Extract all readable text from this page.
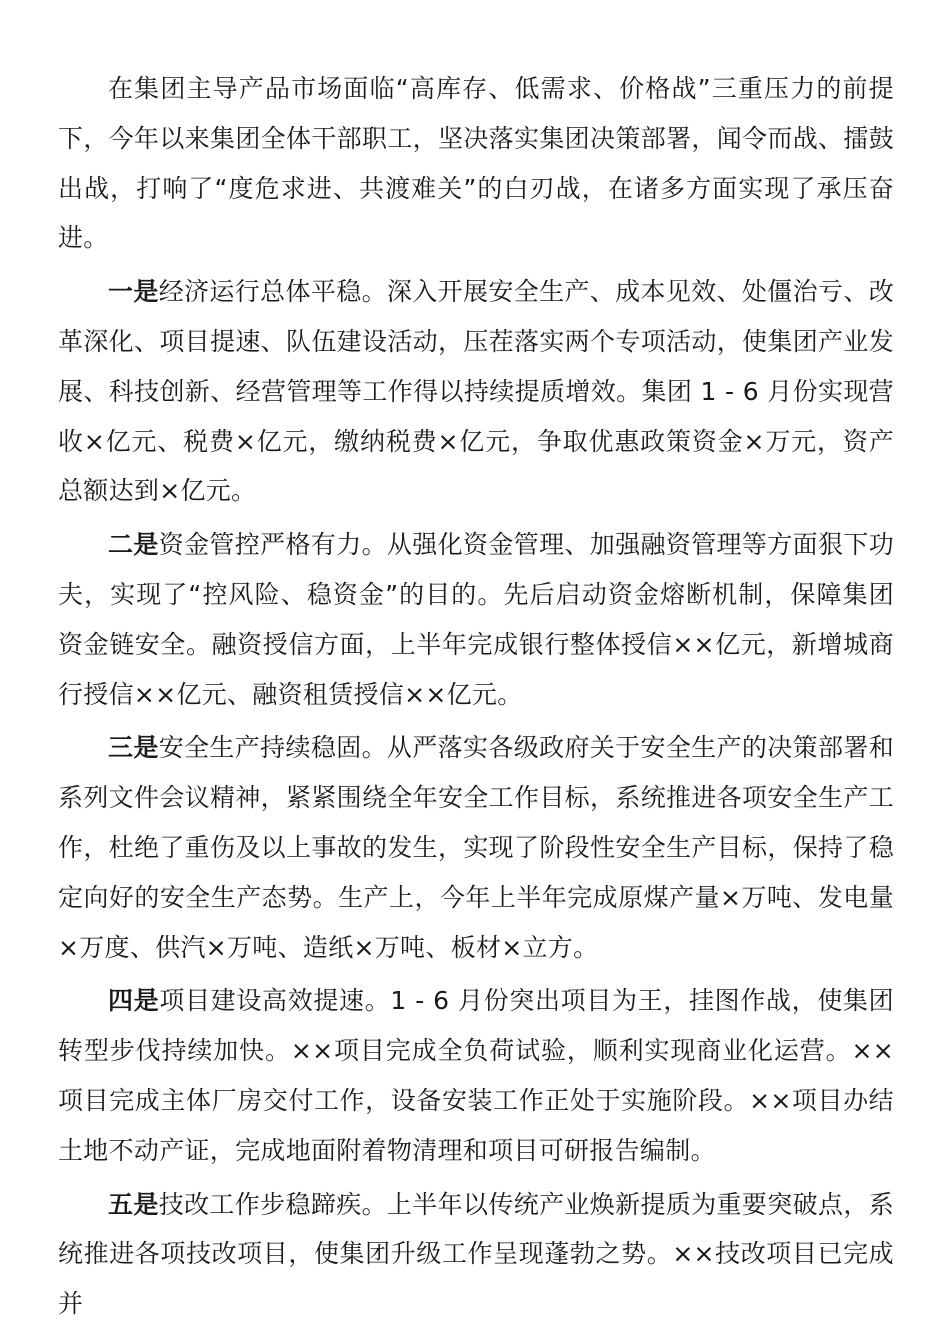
在集团主导产品市场面临“高库存、低需求、价格战”三重压力的前提下，今年以来集团全体干部职工，坚决落实集团决策部署，闻令而战、擂鼓出战，打响了“度危求进、共渡难关”的白刃战，在诸多方面实现了承压奋进。

一是经济运行总体平稳。深入开展安全生产、成本见效、处僵治亏、改革深化、项目提速、队伍建设活动，压茬落实两个专项活动，使集团产业发展、科技创新、经营管理等工作得以持续提质增效。集团 1 - 6 月份实现营收×亿元、税费×亿元，缴纳税费×亿元，争取优惠政策资金×万元，资产总额达到×亿元。

二是资金管控严格有力。从强化资金管理、加强融资管理等方面狠下功夫，实现了“控风险、稳资金”的目的。先后启动资金熔断机制，保障集团资金链安全。融资授信方面，上半年完成银行整体授信××亿元，新增城商行授信××亿元、融资租赁授信××亿元。

三是安全生产持续稳固。从严落实各级政府关于安全生产的决策部署和系列文件会议精神，紧紧围绕全年安全工作目标，系统推进各项安全生产工作，杜绝了重伤及以上事故的发生，实现了阶段性安全生产目标，保持了稳定向好的安全生产态势。生产上，今年上半年完成原煤产量×万吨、发电量×万度、供汽×万吨、造纸×万吨、板材×立方。

四是项目建设高效提速。1 - 6 月份突出项目为王，挂图作战，使集团转型步伐持续加快。××项目完成全负荷试验，顺利实现商业化运营。××项目完成主体厂房交付工作，设备安装工作正处于实施阶段。××项目办结土地不动产证，完成地面附着物清理和项目可研报告编制。

五是技改工作步稳蹄疾。上半年以传统产业焕新提质为重要突破点，系统推进各项技改项目，使集团升级工作呈现蓬勃之势。××技改项目已完成并
